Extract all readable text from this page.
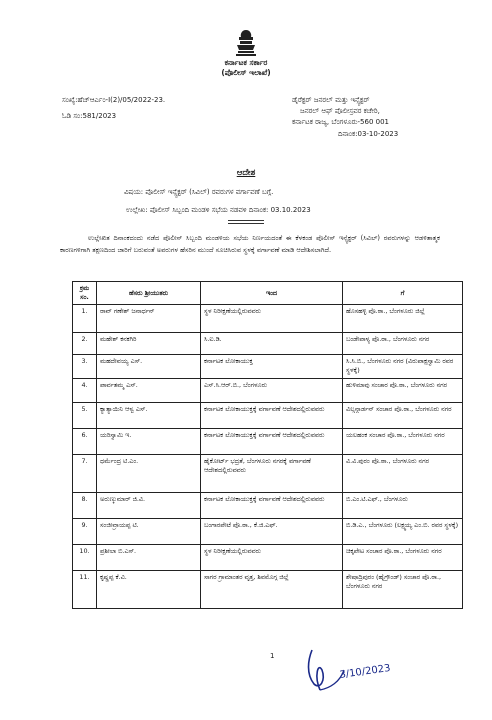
ಕರ್ನಾಟಕ ಸರ್ಕಾರ
(ಪೊಲೀಸ್ ಇಲಾಖೆ)
ಸಂಖ್ಯೆ:ಹೆಚ್ಆರ್ಎಂ-I(2)/05/2022-23.
ಓಡಿ ಸಂ:581/2023
ಡೈರೆಕ್ಟರ್ ಜನರಲ್ ಮತ್ತು ಇನ್ಸ್ಪೆಕ್ಟರ್
ಜನರಲ್ ಆಫ್ ಪೊಲೀಸ್ರವರ ಕಚೇರಿ,
ಕರ್ನಾಟಕ ರಾಜ್ಯ, ಬೆಂಗಳೂರು-560 001
ದಿನಾಂಕ:03-10-2023
ಆದೇಶ
ವಿಷಯ: ಪೊಲೀಸ್ ಇನ್ಸ್ಪೆಕ್ಟರ್ (ಸಿವಿಲ್) ರವರುಗಳ ವರ್ಗಾವಣೆ ಬಗ್ಗೆ.
ಉಲ್ಲೇಖ: ಪೊಲೀಸ್ ಸಿಬ್ಬಂದಿ ಮಂಡಳಿ ಸಭೆಯ ನಡವಳಿ ದಿನಾಂಕ: 03.10.2023
ಉಲ್ಲೇಖಿತ ದಿನಾಂಕದಂದು ನಡೆದ ಪೊಲೀಸ್ ಸಿಬ್ಬಂದಿ ಮಂಡಳಿಯ ಸಭೆಯ ನಿರ್ಣಯದಂತೆ ಈ ಕೆಳಕಂಡ ಪೊಲೀಸ್ ಇನ್ಸ್ಪೆಕ್ಟರ್ (ಸಿವಿಲ್) ರವರುಗಳನ್ನು ಆಡಳಿತಾತ್ಮಕ ಕಾರಣಗಳಿಗಾಗಿ ತಕ್ಷಣದಿಂದ ಜಾರಿಗೆ ಬರುವಂತೆ ಅವರುಗಳ ಹೆಸರಿನ ಮುಂದೆ ಸೂಚಿಸಿರುವ ಸ್ಥಳಕ್ಕೆ ವರ್ಗಾವಣೆ ಮಾಡಿ ಆದೇಶಿಸಲಾಗಿದೆ.
ಕ್ರಮ ಸಂ.	ಹೆಸರು ಶ್ರೀಯುತರು	ಇಂದ	ಗೆ
1.	ರಾವ್ ಗಣೇಶ್ ಜನಾರ್ಧನ್	ಸ್ಥಳ ನಿರೀಕ್ಷಣೆಯಲ್ಲಿರುವವರು	ಹೊಸಹಳ್ಳಿ ಪೊ.ಠಾ., ಬೆಂಗಳೂರು ಜಿಲ್ಲೆ
2.	ಮಹೇಶ್ ಕನಕಗಿರಿ	ಸಿ.ಐ.ಡಿ.	ಬಂಡೇಪಾಳ್ಯ ಪೊ.ಠಾ., ಬೆಂಗಳೂರು ನಗರ
3.	ಮಹದೇವಯ್ಯ ಎಸ್.	ಕರ್ನಾಟಕ ಲೋಕಾಯುಕ್ತ	ಸಿ.ಸಿ.ಬಿ., ಬೆಂಗಳೂರು ನಗರ (ವಿರುಪಾಕ್ಷಸ್ವಾಮಿ ರವರ ಸ್ಥಳಕ್ಕೆ)
4.	ಪಾರ್ವತಮ್ಮ ಎಸ್.	ಎಸ್.ಸಿ.ಆರ್.ಬಿ., ಬೆಂಗಳೂರು	ಹುಳಿಮಾವು ಸಂಚಾರ ಪೊ.ಠಾ., ಬೆಂಗಳೂರು ನಗರ
5.	ಕ್ಯಾತ್ಯಾಯಿನಿ ಆಳ್ವ ಎಸ್.	ಕರ್ನಾಟಕ ಲೋಕಾಯುಕ್ತಕ್ಕೆ ವರ್ಗಾವಣೆ ಆದೇಶದಲ್ಲಿರುವವರು	ವಿಲ್ಸನ್ಗಾರ್ಡನ್ ಸಂಚಾರ ಪೊ.ಠಾ., ಬೆಂಗಳೂರು ನಗರ
6.	ಯರಿಸ್ವಾಮಿ ಇ.	ಕರ್ನಾಟಕ ಲೋಕಾಯುಕ್ತಕ್ಕೆ ವರ್ಗಾವಣೆ ಆದೇಶದಲ್ಲಿರುವವರು	ಯಲಹಂಕ ಸಂಚಾರ ಪೊ.ಠಾ., ಬೆಂಗಳೂರು ನಗರ
7.	ಧರ್ಮೆಂದ್ರ ಟಿ.ಎಂ.	ಹೈಕೋರ್ಟ್ ಭದ್ರತೆ, ಬೆಂಗಳೂರು ನಗರಕ್ಕೆ ವರ್ಗಾವಣೆ ಆದೇಶದಲ್ಲಿರುವವರು	ವಿ.ವಿ.ಪುರಂ ಪೊ.ಠಾ., ಬೆಂಗಳೂರು ನಗರ
8.	ಅರುಣ್ಕುಮಾರ್ ಜಿ.ವಿ.	ಕರ್ನಾಟಕ ಲೋಕಾಯುಕ್ತಕ್ಕೆ ವರ್ಗಾವಣೆ ಆದೇಶದಲ್ಲಿರುವವರು	ಬಿ.ಎಂ.ಟಿ.ಎಫ್., ಬೆಂಗಳೂರು
9.	ಸಂಜೀವ್ರಾಯಪ್ಪ ಟಿ.	ಬಂಗಾರಪೇಟೆ ಪೊ.ಠಾ., ಕೆ.ಜಿ.ಎಫ್.	ಬಿ.ಡಿ.ಎ., ಬೆಂಗಳೂರು (ಲಕ್ಷ್ಮಯ್ಯ ಎಂ.ಬಿ. ರವರ ಸ್ಥಳಕ್ಕೆ)
10.	ಪ್ರಶೀಲಾ ಬಿ.ಎಸ್.	ಸ್ಥಳ ನಿರೀಕ್ಷಣೆಯಲ್ಲಿರುವವರು	ಚಿಕ್ಕಪೇಟ ಸಂಚಾರ ಪೊ.ಠಾ., ಬೆಂಗಳೂರು ನಗರ
11.	ಕೃಷ್ಣಪ್ಪ ಕೆ.ವಿ.	ಸಾಗರ ಗ್ರಾಮಾಂತರ ವೃತ್ತ, ಶಿವಮೊಗ್ಗ ಜಿಲ್ಲೆ	ಶೇಷಾದ್ರಿಪುರಂ (ಹೈಗ್ರೌಂಡ್) ಸಂಚಾರ ಪೊ.ಠಾ., ಬೆಂಗಳೂರು ನಗರ
1
3/10/2023
